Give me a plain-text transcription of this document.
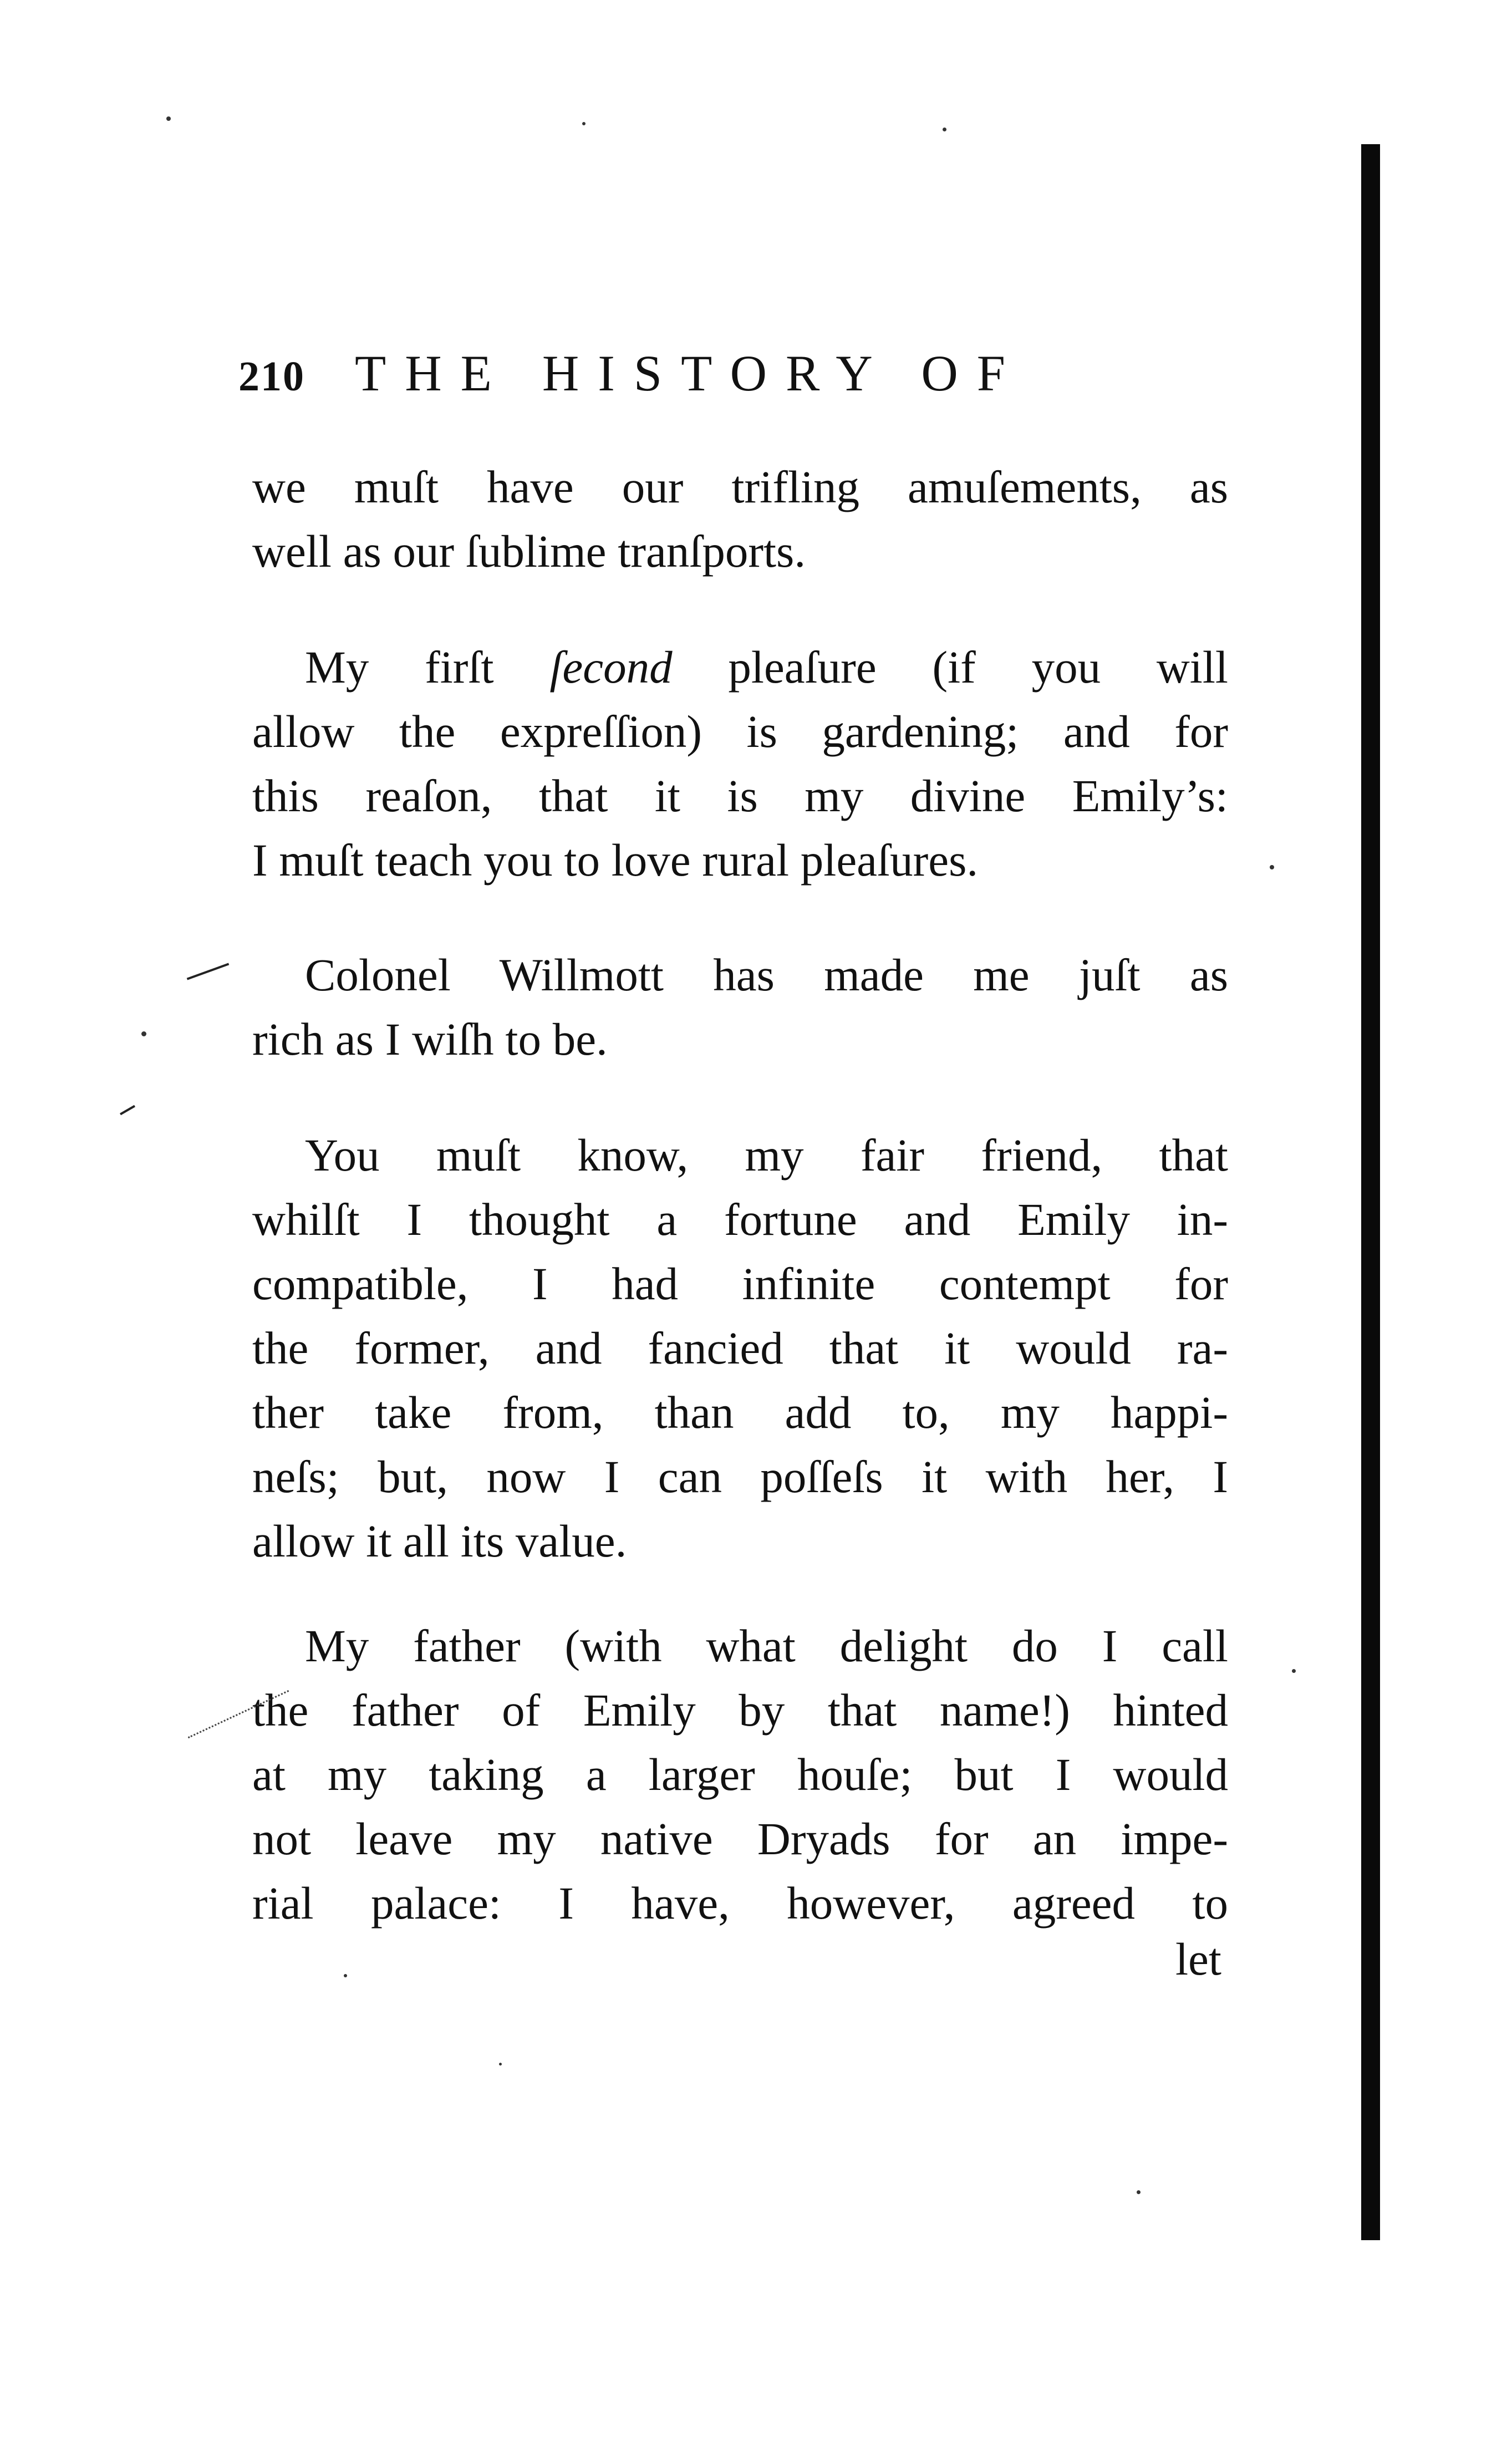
210 THE HISTORY OF
we muſt have our trifling amuſements, as
well as our ſublime tranſports.
My firſt ſecond pleaſure (if you will
allow the expreſſion) is gardening; and for
this reaſon, that it is my divine Emily’s:
I muſt teach you to love rural pleaſures.
Colonel Willmott has made me juſt as
rich as I wiſh to be.
You muſt know, my fair friend, that
whilſt I thought a fortune and Emily in-
compatible, I had infinite contempt for
the former, and fancied that it would ra-
ther take from, than add to, my happi-
neſs; but, now I can poſſeſs it with her, I
allow it all its value.
My father (with what delight do I call
the father of Emily by that name!) hinted
at my taking a larger houſe; but I would
not leave my native Dryads for an impe-
rial palace: I have, however, agreed to
let
